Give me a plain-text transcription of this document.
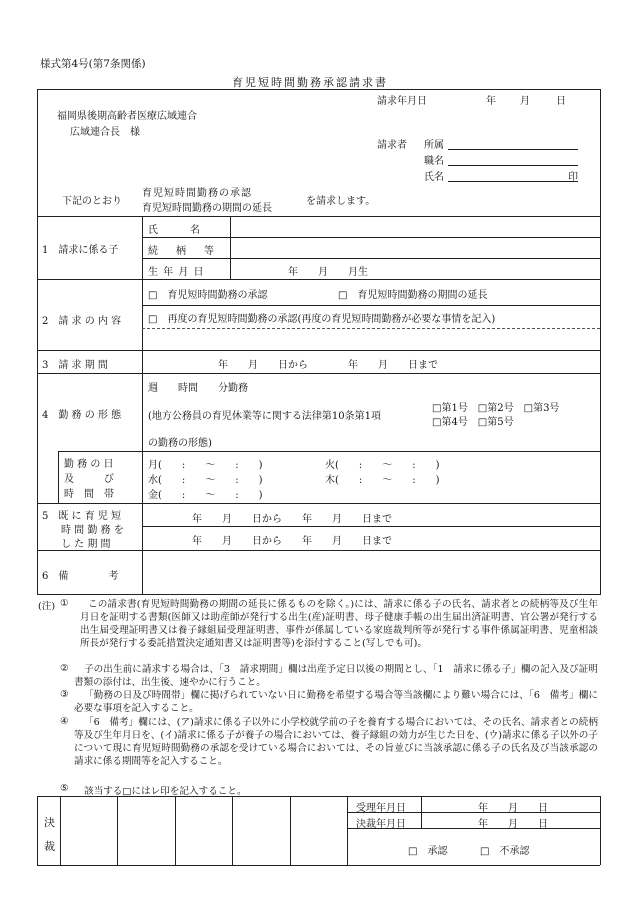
様式第4号(第7条関係)
育児短時間勤務承認請求書
請求年月日	年 月	日
福岡県後期高齢者医療広域連合
広域連合長　様
請求者 所属
職名
氏名	印
下記のとおり
育児短時間勤務の承認
育児短時間勤務の期間の延長
を請求します。
1　請求に係る子
氏　　名
続　柄　等
生 年 月 日	年　　月　　月生
2　請 求 の 内 容
□　育児短時間勤務の承認	□　育児短時間勤務の期間の延長
□　再度の育児短時間勤務の承認(再度の育児短時間勤務が必要な事情を記入)
3　請 求 期 間	年　　月　　日から　　　　年　　月　　日まで
4　勤 務 の 形 態
週　　時間　　分勤務
(地方公務員の育児休業等に関する法律第10条第1項
の勤務の形態)
□第1号　□第2号　□第3号
□第4号　□第5号
勤 務 の 日
及　　　び
時　間　帯
月(　　:　　～　　:　　)	火(　　:　　～　　:　　)
水(　　:　　～　　:　　)	木(　　:　　～　　:　　)
金(　　:　　～　　:　　)
5　既 に 育 児 短
時 間 勤 務 を
し た 期 間
年　　月　　日から　　年　　月　　日まで
年　　月　　日から　　年　　月　　日まで
6　備　　　　考
(注) ①	この請求書(育児短時間勤務の期間の延長に係るものを除く。)には、請求に係る子の氏名、請求者との続柄等及び生年月日を証明する書類(医師又は助産師が発行する出生(産)証明書、母子健康手帳の出生届出済証明書、官公署が発行する出生届受理証明書又は養子縁組届受理証明書、事件が係属している家庭裁判所等が発行する事件係属証明書、児童相談所長が発行する委託措置決定通知書又は証明書等)を添付すること(写しでも可)。
②	子の出生前に請求する場合は、「3　請求期間」欄は出産予定日以後の期間とし、「1　請求に係る子」欄の記入及び証明書類の添付は、出生後、速やかに行うこと。
③	「勤務の日及び時間帯」欄に掲げられていない日に勤務を希望する場合等当該欄により難い場合には、「6　備考」欄に必要な事項を記入すること。
④	「6　備考」欄には、(ア)請求に係る子以外に小学校就学前の子を養育する場合においては、その氏名、請求者との続柄等及び生年月日を、(イ)請求に係る子が養子の場合においては、養子縁組の効力が生じた日を、(ウ)請求に係る子以外の子について現に育児短時間勤務の承認を受けている場合においては、その旨並びに当該承認に係る子の氏名及び当該承認の請求に係る期間等を記入すること。
⑤ 該当する□にはレ印を記入すること。
決
裁
受理年月日	年　　月　　日
決裁年月日	年　　月　　日
□　承認	□　不承認
